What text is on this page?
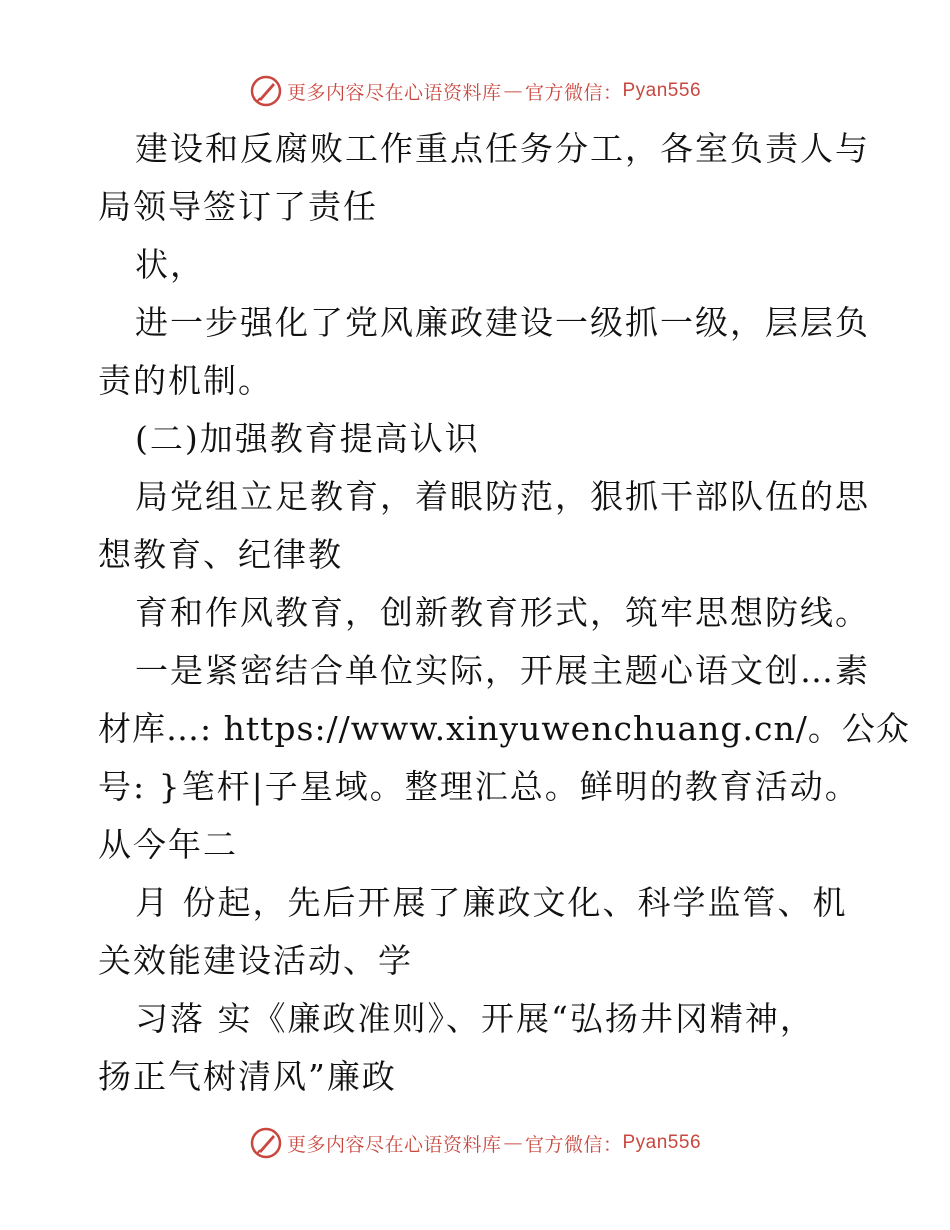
更多内容尽在心语资料库 — 官方微信： Pyan556
建设和反腐败工作重点任务分工，各室负责人与
局领导签订了责任
状，
进一步强化了党风廉政建设一级抓一级，层层负
责的机制。
(二)加强教育提高认识
局党组立足教育，着眼防范，狠抓干部队伍的思
想教育、纪律教
育和作风教育，创新教育形式，筑牢思想防线。
一是紧密结合单位实际，开展主题心语文创…素
材库…: https://www.xinyuwenchuang.cn/。公众
号: }笔杆|子星域。整理汇总。鲜明的教育活动。
从今年二
月 份起，先后开展了廉政文化、科学监管、机
关效能建设活动、学
习落 实《廉政准则》、开展“弘扬井冈精神，
扬正气树清风”廉政
更多内容尽在心语资料库 — 官方微信： Pyan556
